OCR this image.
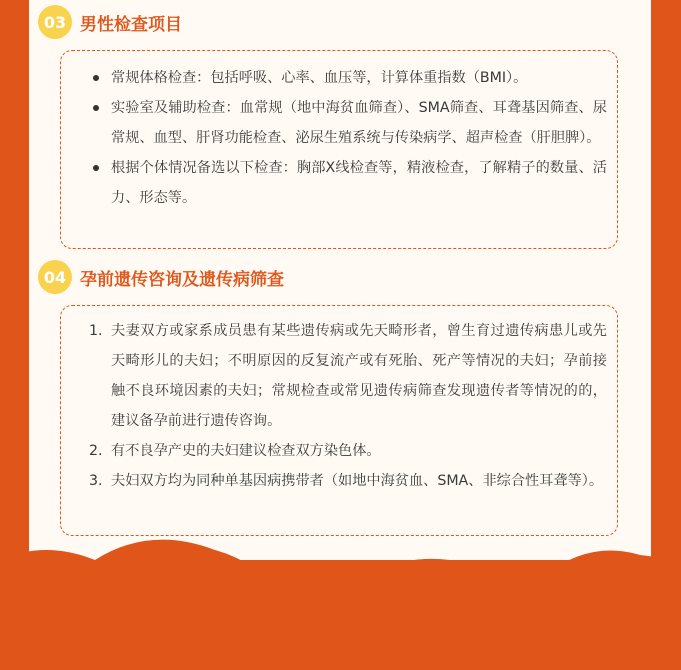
03 男性检查项目
常规体格检查：包括呼吸、心率、血压等，计算体重指数（BMI）。
实验室及辅助检查：血常规（地中海贫血筛查）、SMA筛查、耳聋基因筛查、尿常规、血型、肝肾功能检查、泌尿生殖系统与传染病学、超声检查（肝胆脾）。
根据个体情况备选以下检查：胸部X线检查等，精液检查，了解精子的数量、活力、形态等。
04 孕前遗传咨询及遗传病筛查
1. 夫妻双方或家系成员患有某些遗传病或先天畸形者，曾生育过遗传病患儿或先天畸形儿的夫妇；不明原因的反复流产或有死胎、死产等情况的夫妇；孕前接触不良环境因素的夫妇；常规检查或常见遗传病筛查发现遗传者等情况的的，建议备孕前进行遗传咨询。
2. 有不良孕产史的夫妇建议检查双方染色体。
3. 夫妇双方均为同种单基因病携带者（如地中海贫血、SMA、非综合性耳聋等）。
